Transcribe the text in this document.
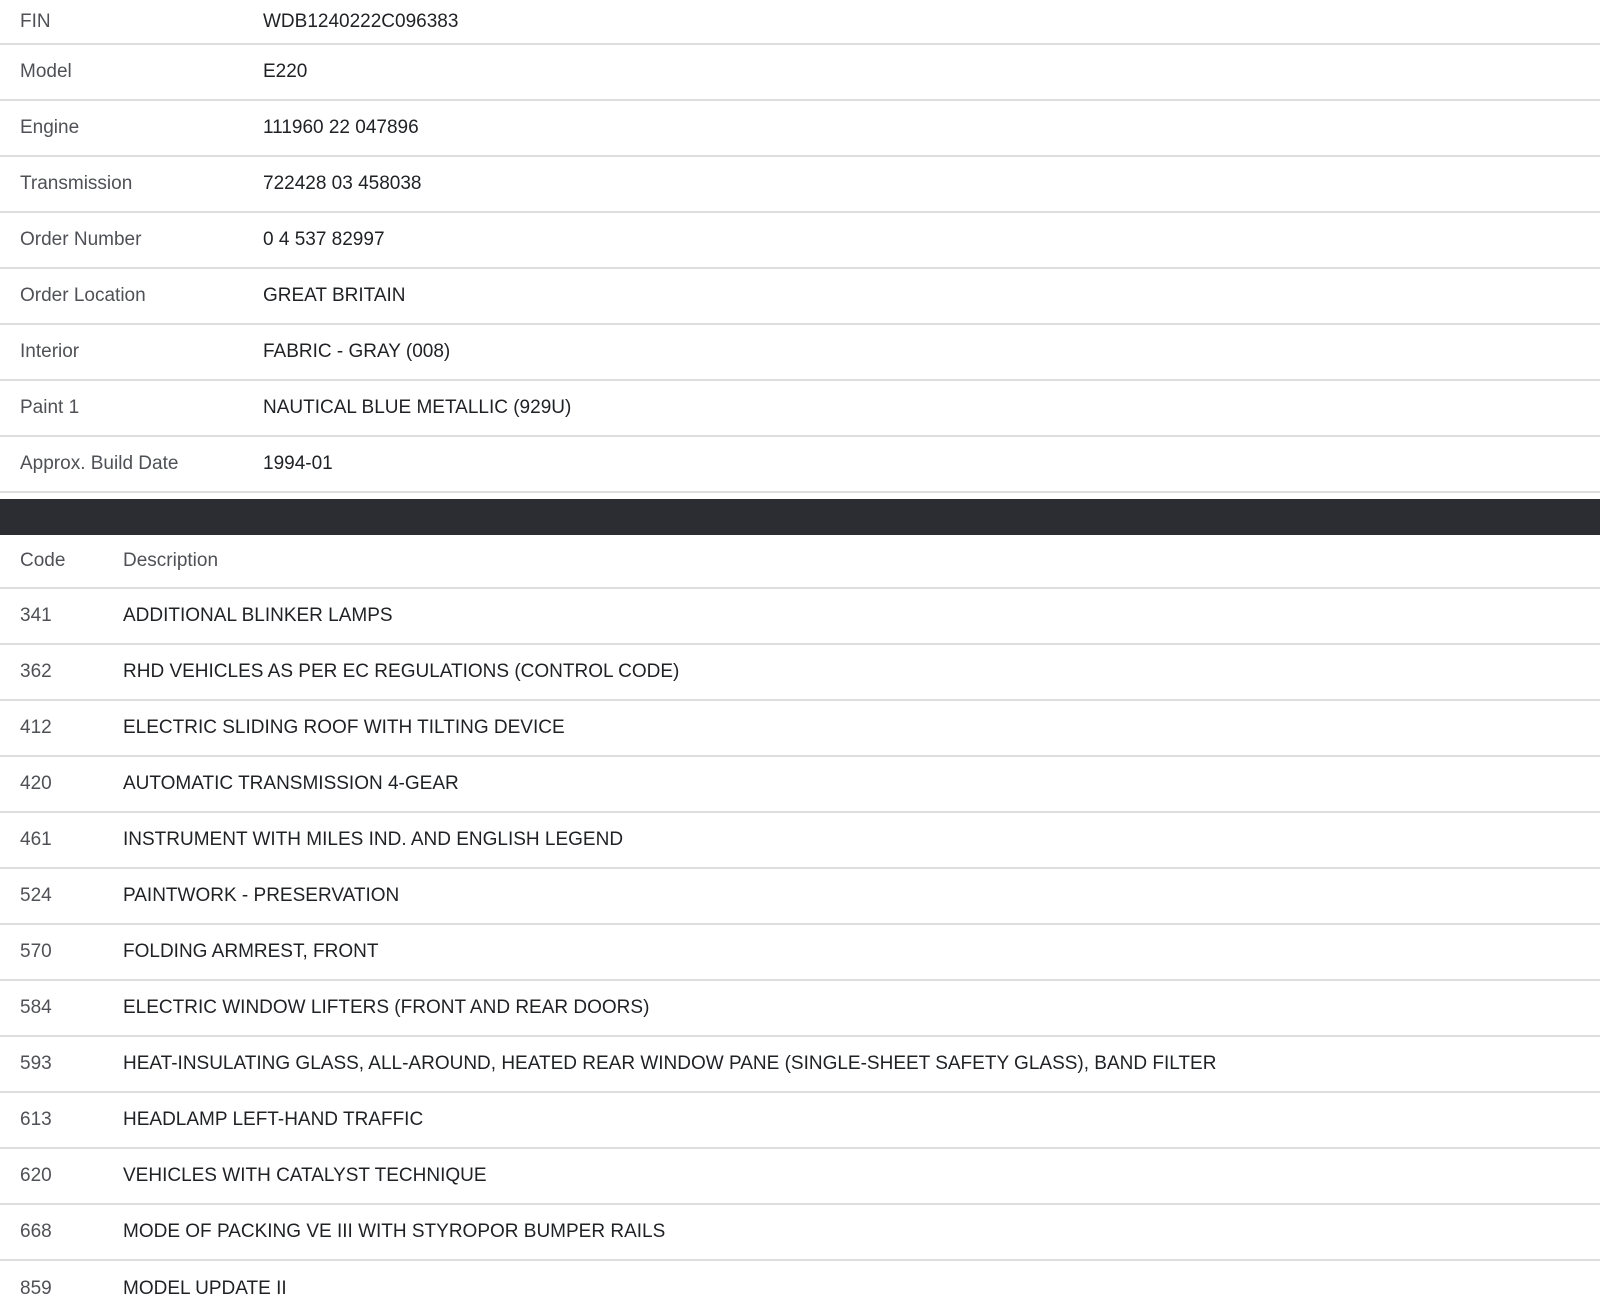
FIN	WDB1240222C096383
Model	E220
Engine	111960 22 047896
Transmission	722428 03 458038
Order Number	0 4 537 82997
Order Location	GREAT BRITAIN
Interior	FABRIC - GRAY (008)
Paint 1	NAUTICAL BLUE METALLIC (929U)
Approx. Build Date	1994-01
Code	Description
341	ADDITIONAL BLINKER LAMPS
362	RHD VEHICLES AS PER EC REGULATIONS (CONTROL CODE)
412	ELECTRIC SLIDING ROOF WITH TILTING DEVICE
420	AUTOMATIC TRANSMISSION 4-GEAR
461	INSTRUMENT WITH MILES IND. AND ENGLISH LEGEND
524	PAINTWORK - PRESERVATION
570	FOLDING ARMREST, FRONT
584	ELECTRIC WINDOW LIFTERS (FRONT AND REAR DOORS)
593	HEAT-INSULATING GLASS, ALL-AROUND, HEATED REAR WINDOW PANE (SINGLE-SHEET SAFETY GLASS), BAND FILTER
613	HEADLAMP LEFT-HAND TRAFFIC
620	VEHICLES WITH CATALYST TECHNIQUE
668	MODE OF PACKING VE III WITH STYROPOR BUMPER RAILS
859	MODEL UPDATE II
